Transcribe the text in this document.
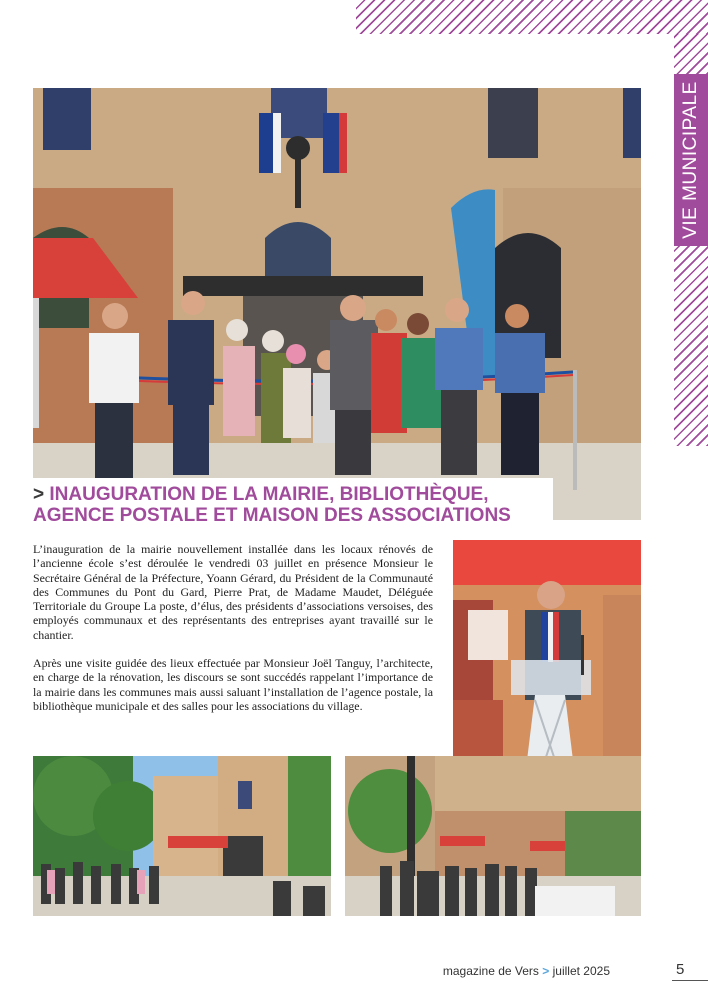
VIE MUNICIPALE
> INAUGURATION DE LA MAIRIE, BIBLIOTHÈQUE,
AGENCE POSTALE ET MAISON DES ASSOCIATIONS

L’inauguration de la mairie nouvellement installée dans les locaux rénovés de l’ancienne école s’est déroulée le vendredi 03 juillet en présence Monsieur le Secrétaire Général de la Préfecture, Yoann Gérard, du Président de la Communauté des Communes du Pont du Gard, Pierre Prat, de Madame Maudet, Déléguée Territoriale du Groupe La poste, d’élus, des présidents d’associations versoises, des employés communaux et des représentants des entreprises ayant travaillé sur le chantier.

Après une visite guidée des lieux effectuée par Monsieur Joël Tanguy, l’architecte, en charge de la rénovation, les discours se sont succédés rappelant l’importance de la mairie dans les communes mais aussi saluant l’installation de l’agence postale, la bibliothèque municipale et des salles pour les associations du village.

magazine de Vers > juillet 2025	5
